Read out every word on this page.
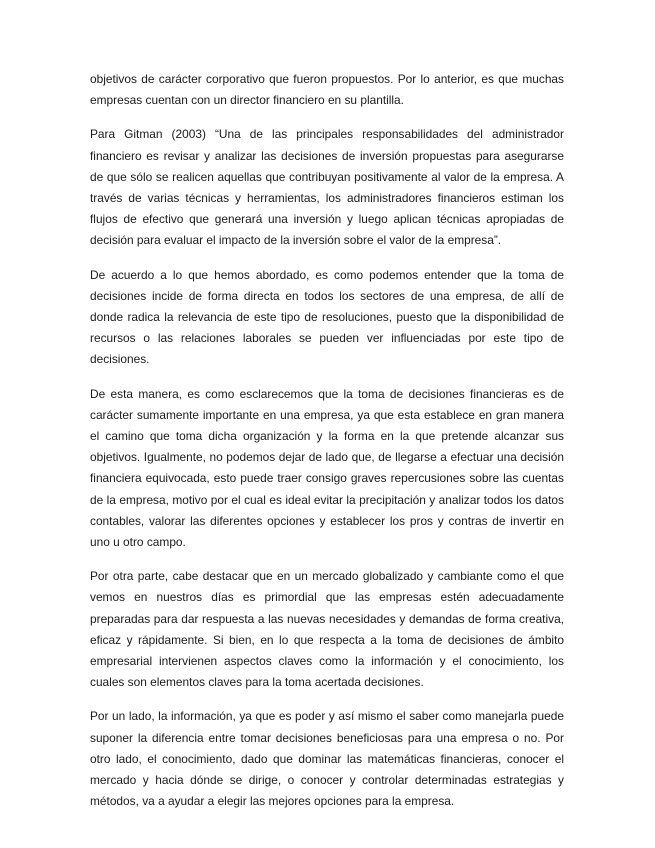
objetivos de carácter corporativo que fueron propuestos. Por lo anterior, es que muchas empresas cuentan con un director financiero en su plantilla.

Para Gitman (2003) “Una de las principales responsabilidades del administrador financiero es revisar y analizar las decisiones de inversión propuestas para asegurarse de que sólo se realicen aquellas que contribuyan positivamente al valor de la empresa. A través de varias técnicas y herramientas, los administradores financieros estiman los flujos de efectivo que generará una inversión y luego aplican técnicas apropiadas de decisión para evaluar el impacto de la inversión sobre el valor de la empresa”.

De acuerdo a lo que hemos abordado, es como podemos entender que la toma de decisiones incide de forma directa en todos los sectores de una empresa, de allí de donde radica la relevancia de este tipo de resoluciones, puesto que la disponibilidad de recursos o las relaciones laborales se pueden ver influenciadas por este tipo de decisiones.

De esta manera, es como esclarecemos que la toma de decisiones financieras es de carácter sumamente importante en una empresa, ya que esta establece en gran manera el camino que toma dicha organización y la forma en la que pretende alcanzar sus objetivos. Igualmente, no podemos dejar de lado que, de llegarse a efectuar una decisión financiera equivocada, esto puede traer consigo graves repercusiones sobre las cuentas de la empresa, motivo por el cual es ideal evitar la precipitación y analizar todos los datos contables, valorar las diferentes opciones y establecer los pros y contras de invertir en uno u otro campo.

Por otra parte, cabe destacar que en un mercado globalizado y cambiante como el que vemos en nuestros días es primordial que las empresas estén adecuadamente preparadas para dar respuesta a las nuevas necesidades y demandas de forma creativa, eficaz y rápidamente. Si bien, en lo que respecta a la toma de decisiones de ámbito empresarial intervienen aspectos claves como la información y el conocimiento, los cuales son elementos claves para la toma acertada decisiones.

Por un lado, la información, ya que es poder y así mismo el saber como manejarla puede suponer la diferencia entre tomar decisiones beneficiosas para una empresa o no. Por otro lado, el conocimiento, dado que dominar las matemáticas financieras, conocer el mercado y hacia dónde se dirige, o conocer y controlar determinadas estrategias y métodos, va a ayudar a elegir las mejores opciones para la empresa.
